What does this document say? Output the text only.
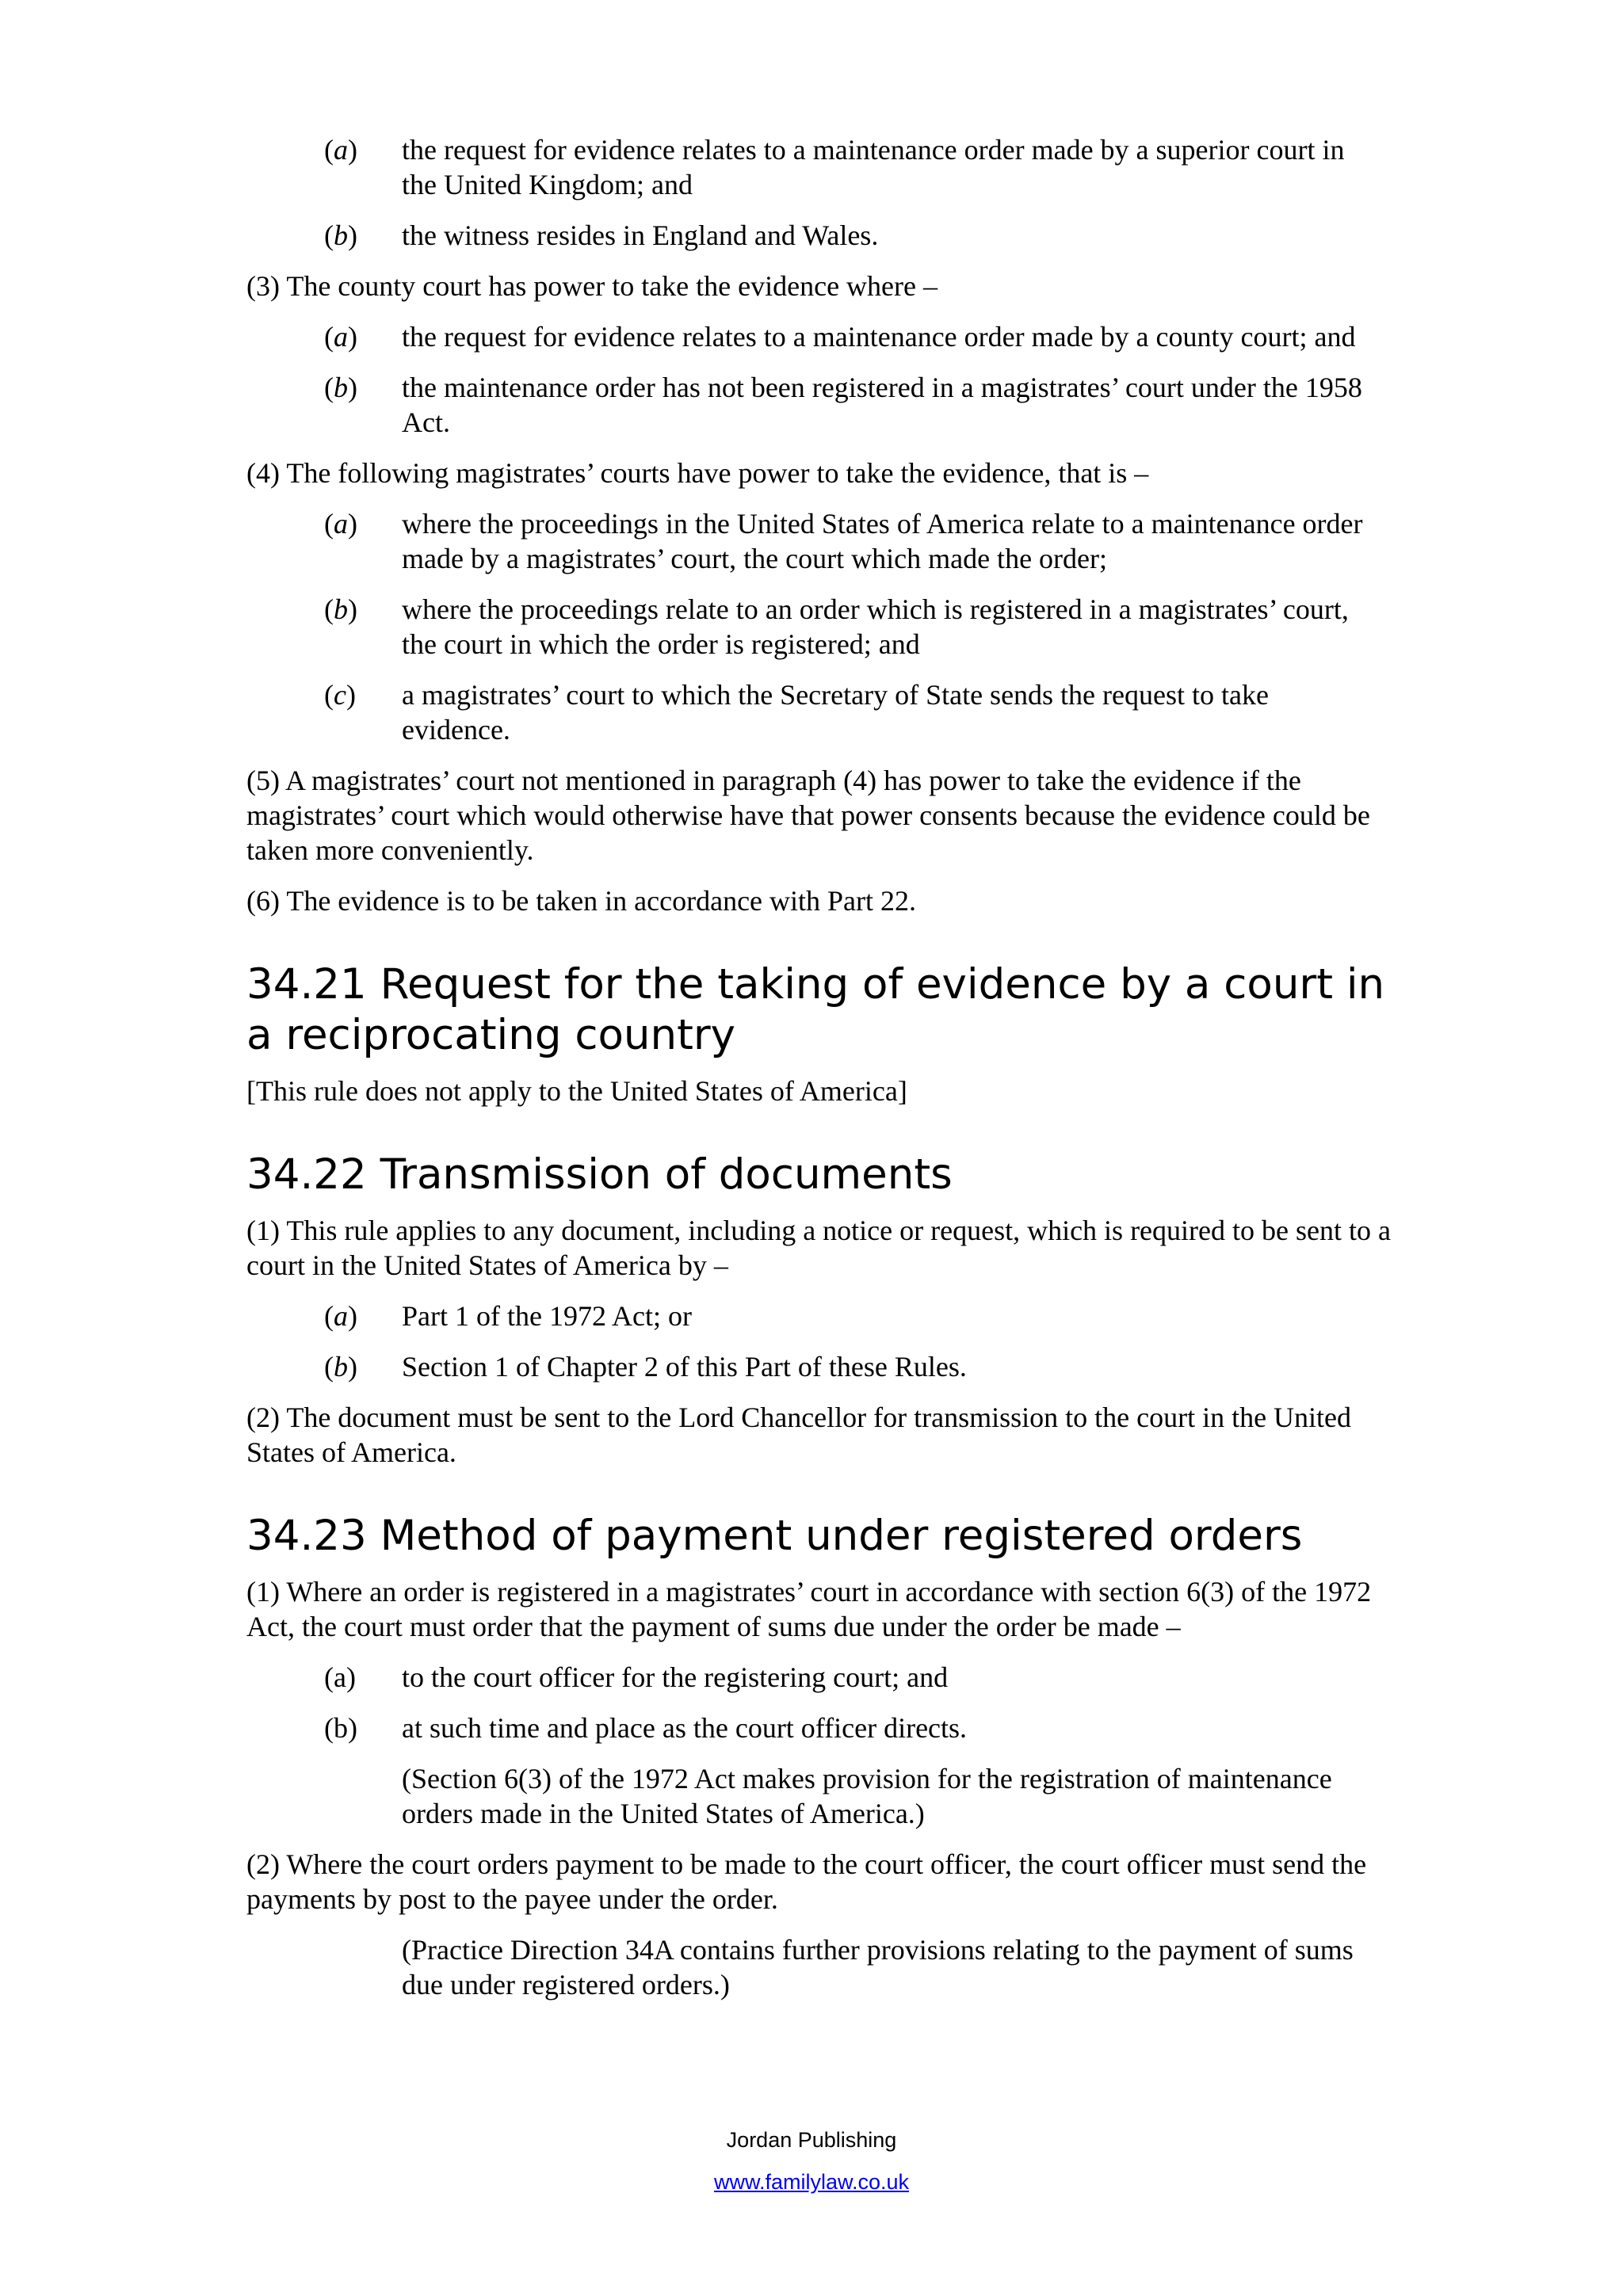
(a)	the request for evidence relates to a maintenance order made by a superior court in the United Kingdom; and
(b)	the witness resides in England and Wales.

(3) The county court has power to take the evidence where –

(a)	the request for evidence relates to a maintenance order made by a county court; and
(b)	the maintenance order has not been registered in a magistrates’ court under the 1958 Act.

(4) The following magistrates’ courts have power to take the evidence, that is –

(a)	where the proceedings in the United States of America relate to a maintenance order made by a magistrates’ court, the court which made the order;
(b)	where the proceedings relate to an order which is registered in a magistrates’ court, the court in which the order is registered; and
(c)	a magistrates’ court to which the Secretary of State sends the request to take evidence.

(5) A magistrates’ court not mentioned in paragraph (4) has power to take the evidence if the magistrates’ court which would otherwise have that power consents because the evidence could be taken more conveniently.

(6) The evidence is to be taken in accordance with Part 22.

34.21 Request for the taking of evidence by a court in a reciprocating country

[This rule does not apply to the United States of America]

34.22 Transmission of documents

(1) This rule applies to any document, including a notice or request, which is required to be sent to a court in the United States of America by –

(a)	Part 1 of the 1972 Act; or
(b)	Section 1 of Chapter 2 of this Part of these Rules.

(2) The document must be sent to the Lord Chancellor for transmission to the court in the United States of America.

34.23 Method of payment under registered orders

(1) Where an order is registered in a magistrates’ court in accordance with section 6(3) of the 1972 Act, the court must order that the payment of sums due under the order be made –

(a)	to the court officer for the registering court; and
(b)	at such time and place as the court officer directs.

(Section 6(3) of the 1972 Act makes provision for the registration of maintenance orders made in the United States of America.)

(2) Where the court orders payment to be made to the court officer, the court officer must send the payments by post to the payee under the order.

(Practice Direction 34A contains further provisions relating to the payment of sums due under registered orders.)

Jordan Publishing
www.familylaw.co.uk
